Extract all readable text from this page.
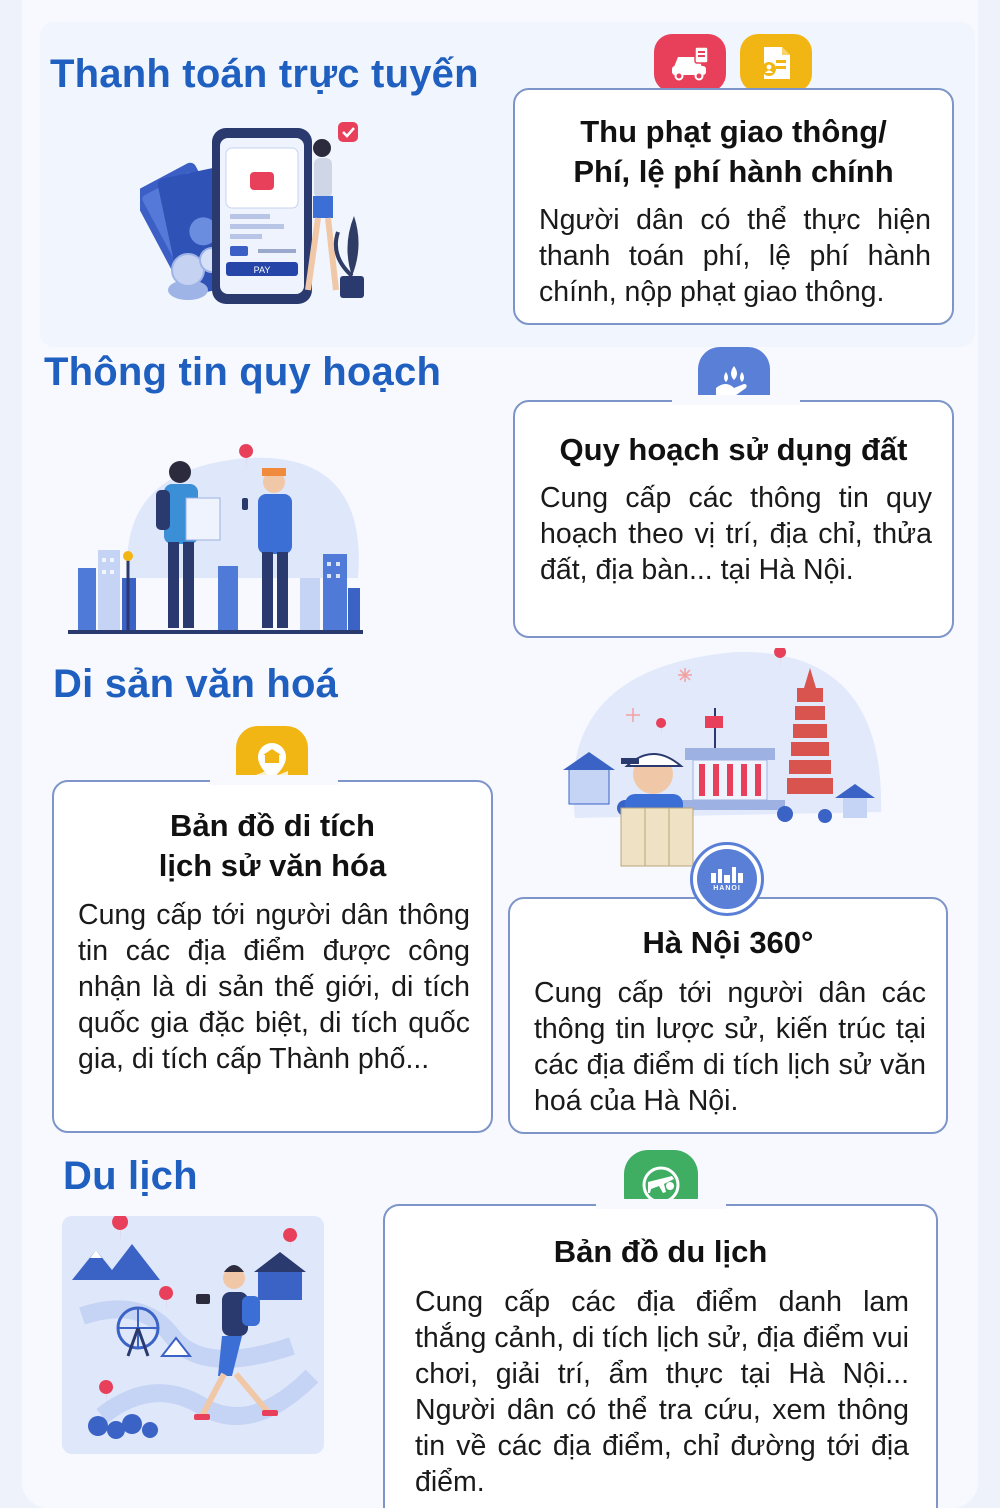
Thanh toán trực tuyến
PAY
Thu phạt giao thông/
Phí, lệ phí hành chính
Người dân có thể thực hiện thanh toán phí, lệ phí hành chính, nộp phạt giao thông.
Thông tin quy hoạch
Quy hoạch sử dụng đất
Cung cấp các thông tin quy hoạch theo vị trí, địa chỉ, thửa đất, địa bàn... tại Hà Nội.
Di sản văn hoá
Bản đồ di tích
lịch sử văn hóa
Cung cấp tới người dân thông tin các địa điểm được công nhận là di sản thế giới, di tích quốc gia đặc biệt, di tích quốc gia, di tích cấp Thành phố...
Hà Nội 360°
Cung cấp tới người dân các thông tin lược sử, kiến trúc tại các địa điểm di tích lịch sử văn hoá của Hà Nội.
HANOI
Du lịch
Bản đồ du lịch
Cung cấp các địa điểm danh lam thắng cảnh, di tích lịch sử, địa điểm vui chơi, giải trí, ẩm thực tại Hà Nội... Người dân có thể tra cứu, xem thông tin về các địa điểm, chỉ đường tới địa điểm.
